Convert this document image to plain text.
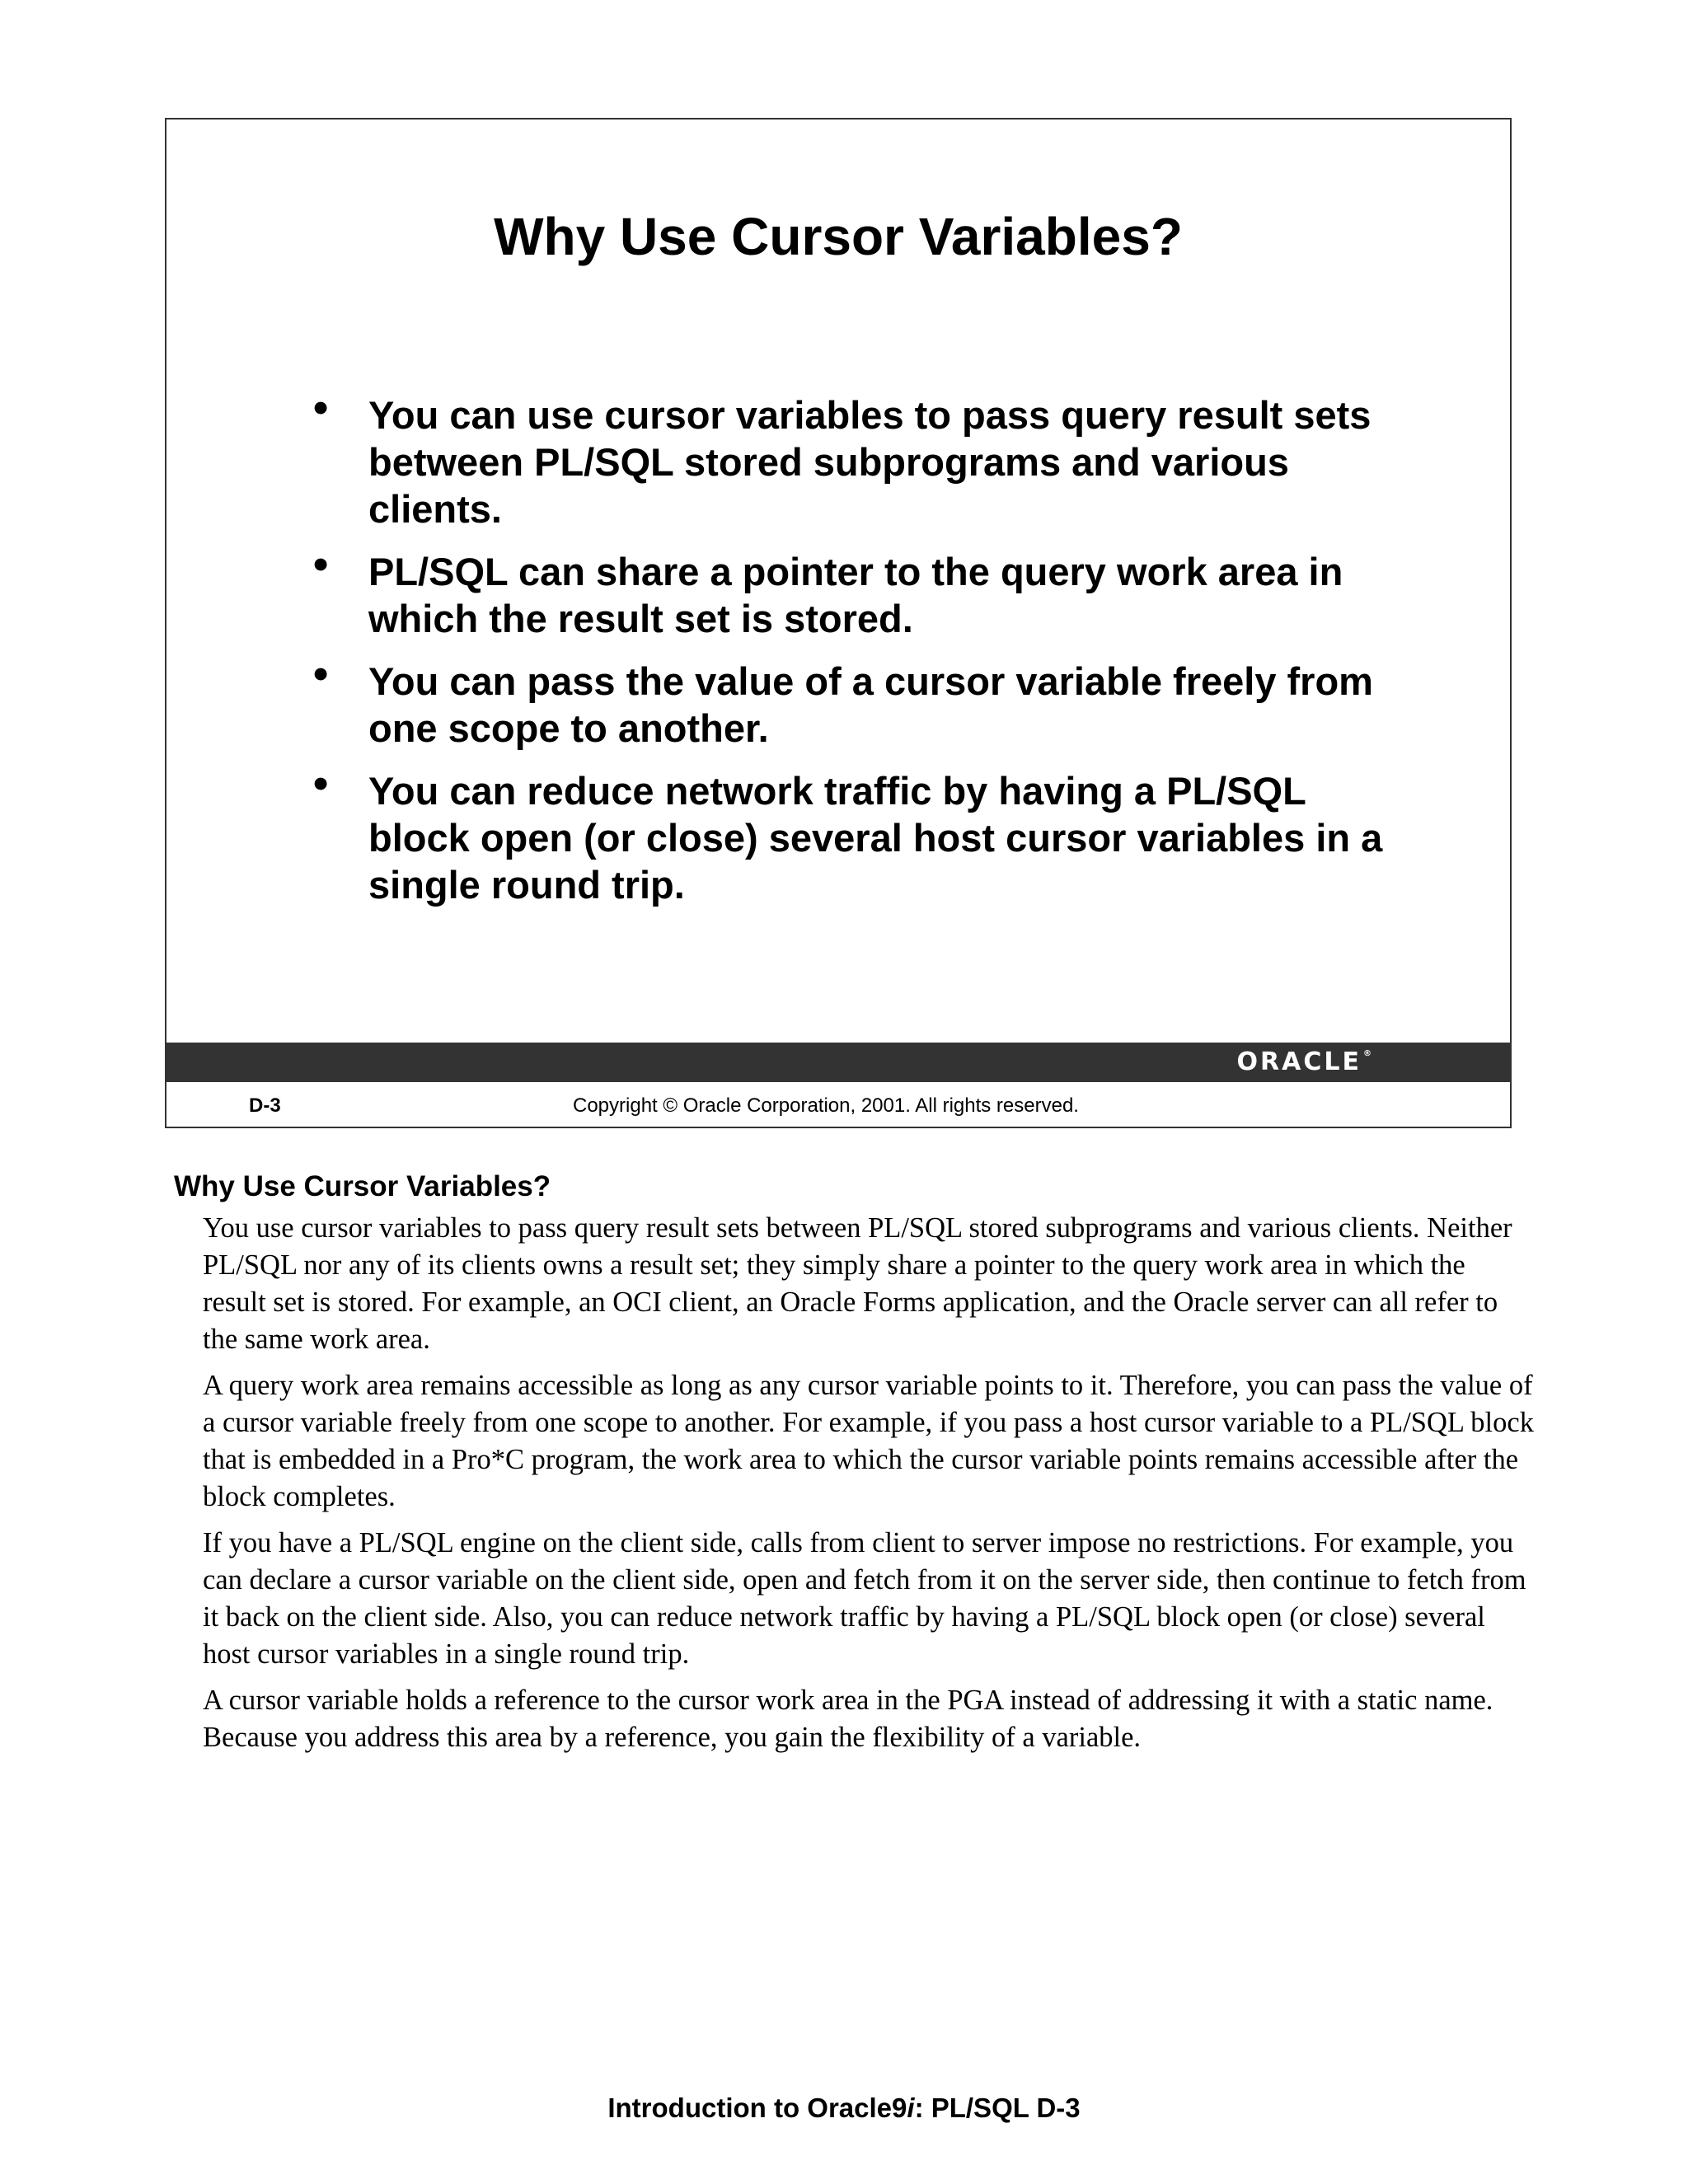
Why Use Cursor Variables?
• You can use cursor variables to pass query result sets between PL/SQL stored subprograms and various clients.
• PL/SQL can share a pointer to the query work area in which the result set is stored.
• You can pass the value of a cursor variable freely from one scope to another.
• You can reduce network traffic by having a PL/SQL block open (or close) several host cursor variables in a single round trip.
ORACLE ®
D-3	Copyright © Oracle Corporation, 2001. All rights reserved.
Why Use Cursor Variables?

You use cursor variables to pass query result sets between PL/SQL stored subprograms and various clients. Neither PL/SQL nor any of its clients owns a result set; they simply share a pointer to the query work area in which the result set is stored. For example, an OCI client, an Oracle Forms application, and the Oracle server can all refer to the same work area.

A query work area remains accessible as long as any cursor variable points to it. Therefore, you can pass the value of a cursor variable freely from one scope to another. For example, if you pass a host cursor variable to a PL/SQL block that is embedded in a Pro*C program, the work area to which the cursor variable points remains accessible after the block completes.

If you have a PL/SQL engine on the client side, calls from client to server impose no restrictions. For example, you can declare a cursor variable on the client side, open and fetch from it on the server side, then continue to fetch from it back on the client side. Also, you can reduce network traffic by having a PL/SQL block open (or close) several host cursor variables in a single round trip.

A cursor variable holds a reference to the cursor work area in the PGA instead of addressing it with a static name. Because you address this area by a reference, you gain the flexibility of a variable.

Introduction to Oracle9i: PL/SQL D-3
